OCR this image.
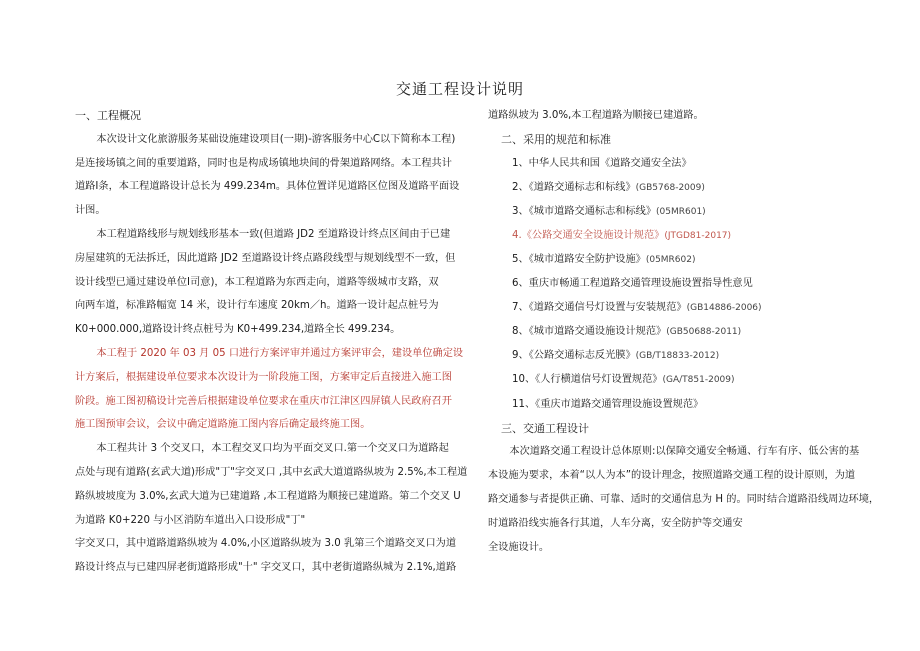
交通工程设计说明

一、工程概况

本次设计文化旅游服务某础设施建设项目(一期)-游客服务中心C以下简称本工程)
是连接场镇之间的重要道路，同时也是构成场镇地块间的骨架道路网络。本工程共计
道路Ⅰ条，本工程道路设计总长为 499.234m。具体位置详见道路区位图及道路平面设
计图。

本工程道路线形与规划线形基本一致(但道路 JD2 至道路设计终点区间由于已建
房屋建筑的无法拆迁，因此道路 JD2 至道路设计终点路段线型与规划线型不一致，但
设计线型已通过建设单位Ⅰ司意)，本工程道路为东西走向，道路等级城市支路，双
向两车道，标准路幅宽 14 米，设计行车速度 20km／h。道路一设计起点桩号为
K0+000.000,道路设计终点桩号为 K0+499.234,道路全长 499.234。

本工程于 2020 年 03 月 05 口进行方案评审并通过方案评审会，建设单位确定设
计方案后，根据建设单位要求本次设计为一阶段施工图，方案审定后直接进入施工图
阶段。施工图初稿设计完善后根据建设单位要求在重庆市江津区四屏镇人民政府召开
施工图预审会议，会议中确定道路施工图内容后确定最终施工图。

本工程共计 3 个交叉口，本工程交叉口均为平面交叉口.第一个交叉口为道路起
点处与现有道路(玄武大道)形成"丁"字交叉口 ,其中玄武大道道路纵坡为 2.5%,本工程道
路纵坡坡度为 3.0%,玄武大道为已建道路 ,本工程道路为顺接已建道路。第二个交叉 U
为道路 K0+220 与小区消防车道出入口设形成"丁"

字交叉口，其中道路道路纵坡为 4.0%,小区道路纵坡为 3.0 乳第三个道路交叉口为道
路设计终点与已建四屏老街道路形成"十" 字交叉口，其中老街道路纵城为 2.1%,道路

道路纵坡为 3.0%,本工程道路为顺接已建道路。

二、采用的规范和标准

1、中华人民共和国《道路交通安全法》
2、《道路交通标志和标线》(GB5768-2009)
3、《城市道路交通标志和标线》(05MR601)
4.《公路交通安全设施设计规范》(JTGD81-2017)
5、《城市道路安全防护设施》(05MR602)
6、重庆市畅通工程道路交通管理设施设置指导性意见
7、《道路交通信号灯设置与安装规范》(GB14886-2006)
8、《城市道路交通设施设计规范》(GB50688-2011)
9、《公路交通标志反光膜》(GB/T18833-2012)
10、《人行横道信号灯设置规范》(GA/T851-2009)
11、《重庆市道路交通管理设施设置规范》

三、交通工程设计

本次道路交通工程设计总体原则:以保障交通安全畅通、行车有序、低公害的基
本设施为要求，本着“以人为本”的设计理念，按照道路交通工程的设计原则，为道
路交通参与者提供正确、可靠、适时的交通信息为 H 的。同时结合道路沿线周边环境，
时道路沿线实施各行其道，人车分离，安全防护等交通安
全设施设计。
